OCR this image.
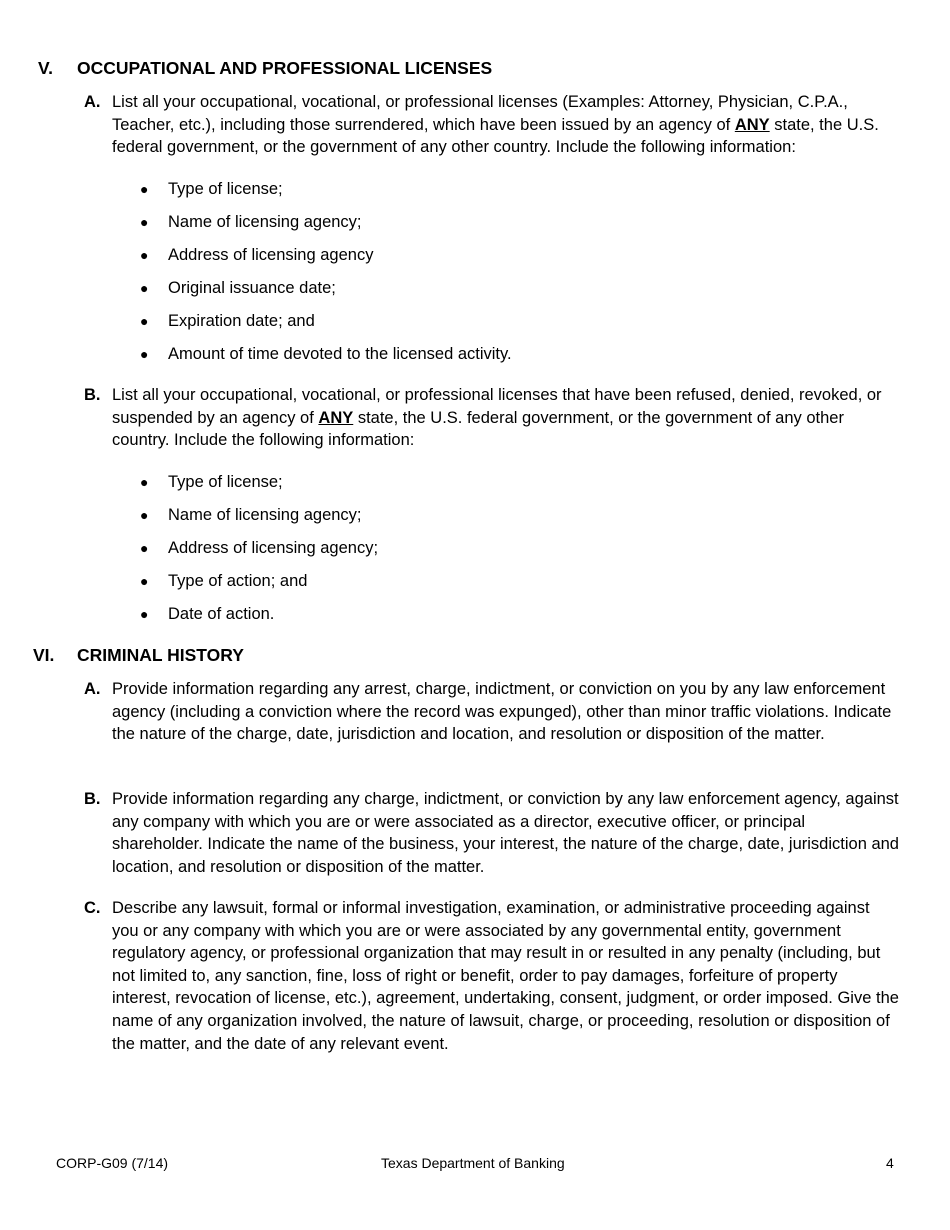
V.	OCCUPATIONAL AND PROFESSIONAL LICENSES
A. List all your occupational, vocational, or professional licenses (Examples: Attorney, Physician, C.P.A., Teacher, etc.), including those surrendered, which have been issued by an agency of ANY state, the U.S. federal government, or the government of any other country. Include the following information:
●	Type of license;
●	Name of licensing agency;
●	Address of licensing agency
●	Original issuance date;
●	Expiration date; and
●	Amount of time devoted to the licensed activity.
B. List all your occupational, vocational, or professional licenses that have been refused, denied, revoked, or suspended by an agency of ANY state, the U.S. federal government, or the government of any other country. Include the following information:
●	Type of license;
●	Name of licensing agency;
●	Address of licensing agency;
●	Type of action; and
●	Date of action.
VI.	CRIMINAL HISTORY
A. Provide information regarding any arrest, charge, indictment, or conviction on you by any law enforcement agency (including a conviction where the record was expunged), other than minor traffic violations. Indicate the nature of the charge, date, jurisdiction and location, and resolution or disposition of the matter.
B. Provide information regarding any charge, indictment, or conviction by any law enforcement agency, against any company with which you are or were associated as a director, executive officer, or principal shareholder. Indicate the name of the business, your interest, the nature of the charge, date, jurisdiction and location, and resolution or disposition of the matter.
C. Describe any lawsuit, formal or informal investigation, examination, or administrative proceeding against you or any company with which you are or were associated by any governmental entity, government regulatory agency, or professional organization that may result in or resulted in any penalty (including, but not limited to, any sanction, fine, loss of right or benefit, order to pay damages, forfeiture of property interest, revocation of license, etc.), agreement, undertaking, consent, judgment, or order imposed. Give the name of any organization involved, the nature of lawsuit, charge, or proceeding, resolution or disposition of the matter, and the date of any relevant event.
CORP-G09 (7/14)	Texas Department of Banking	4
